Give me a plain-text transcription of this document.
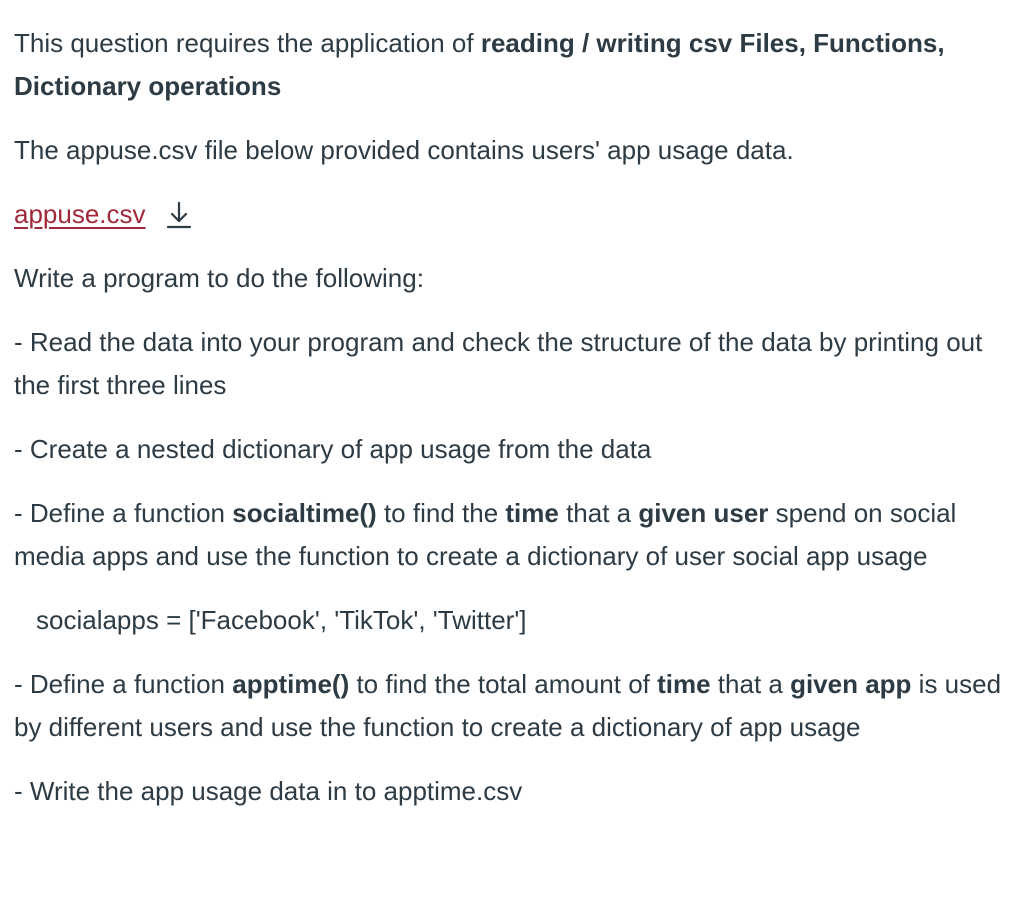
This question requires the application of reading / writing csv Files, Functions, Dictionary operations

The appuse.csv file below provided contains users' app usage data.

appuse.csv

Write a program to do the following:

- Read the data into your program and check the structure of the data by printing out the first three lines

- Create a nested dictionary of app usage from the data

- Define a function socialtime() to find the time that a given user spend on social media apps and use the function to create a dictionary of user social app usage

socialapps = ['Facebook', 'TikTok', 'Twitter']

- Define a function apptime() to find the total amount of time that a given app is used by different users and use the function to create a dictionary of app usage

- Write the app usage data in to apptime.csv
